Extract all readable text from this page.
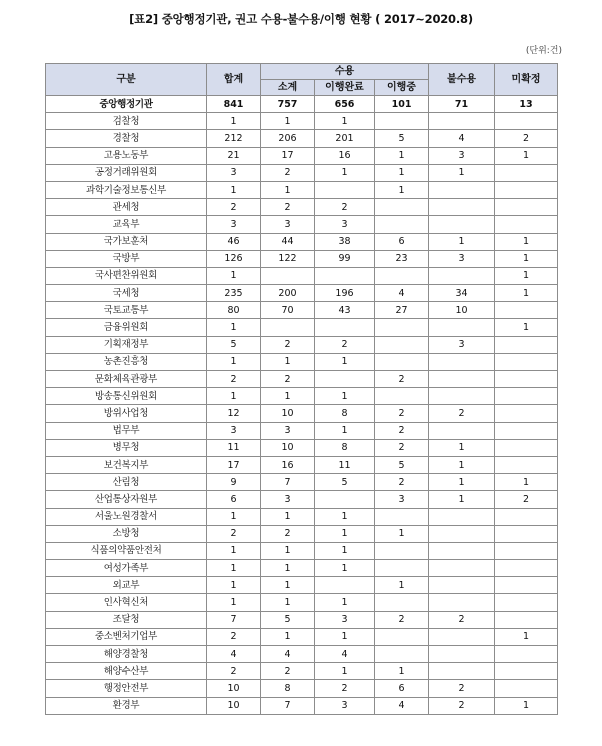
[표2] 중앙행정기관, 권고 수용-불수용/이행 현황 ( 2017~2020.8)
(단위:건)
구분	합계	수용			불수용	미확정
		소계	이행완료	이행중		
중앙행정기관	841	757	656	101	71	13
검찰청	1	1	1			
경찰청	212	206	201	5	4	2
고용노동부	21	17	16	1	3	1
공정거래위원회	3	2	1	1	1	
과학기술정보통신부	1	1		1		
관세청	2	2	2			
교육부	3	3	3			
국가보훈처	46	44	38	6	1	1
국방부	126	122	99	23	3	1
국사편찬위원회	1					1
국세청	235	200	196	4	34	1
국토교통부	80	70	43	27	10	
금융위원회	1					1
기획재정부	5	2	2		3	
농촌진흥청	1	1	1			
문화체육관광부	2	2		2		
방송통신위원회	1	1	1			
방위사업청	12	10	8	2	2	
법무부	3	3	1	2		
병무청	11	10	8	2	1	
보건복지부	17	16	11	5	1	
산림청	9	7	5	2	1	1
산업통상자원부	6	3		3	1	2
서울노원경찰서	1	1	1			
소방청	2	2	1	1		
식품의약품안전처	1	1	1			
여성가족부	1	1	1			
외교부	1	1		1		
인사혁신처	1	1	1			
조달청	7	5	3	2	2	
중소벤처기업부	2	1	1			1
해양경찰청	4	4	4			
해양수산부	2	2	1	1		
행정안전부	10	8	2	6	2	
환경부	10	7	3	4	2	1
